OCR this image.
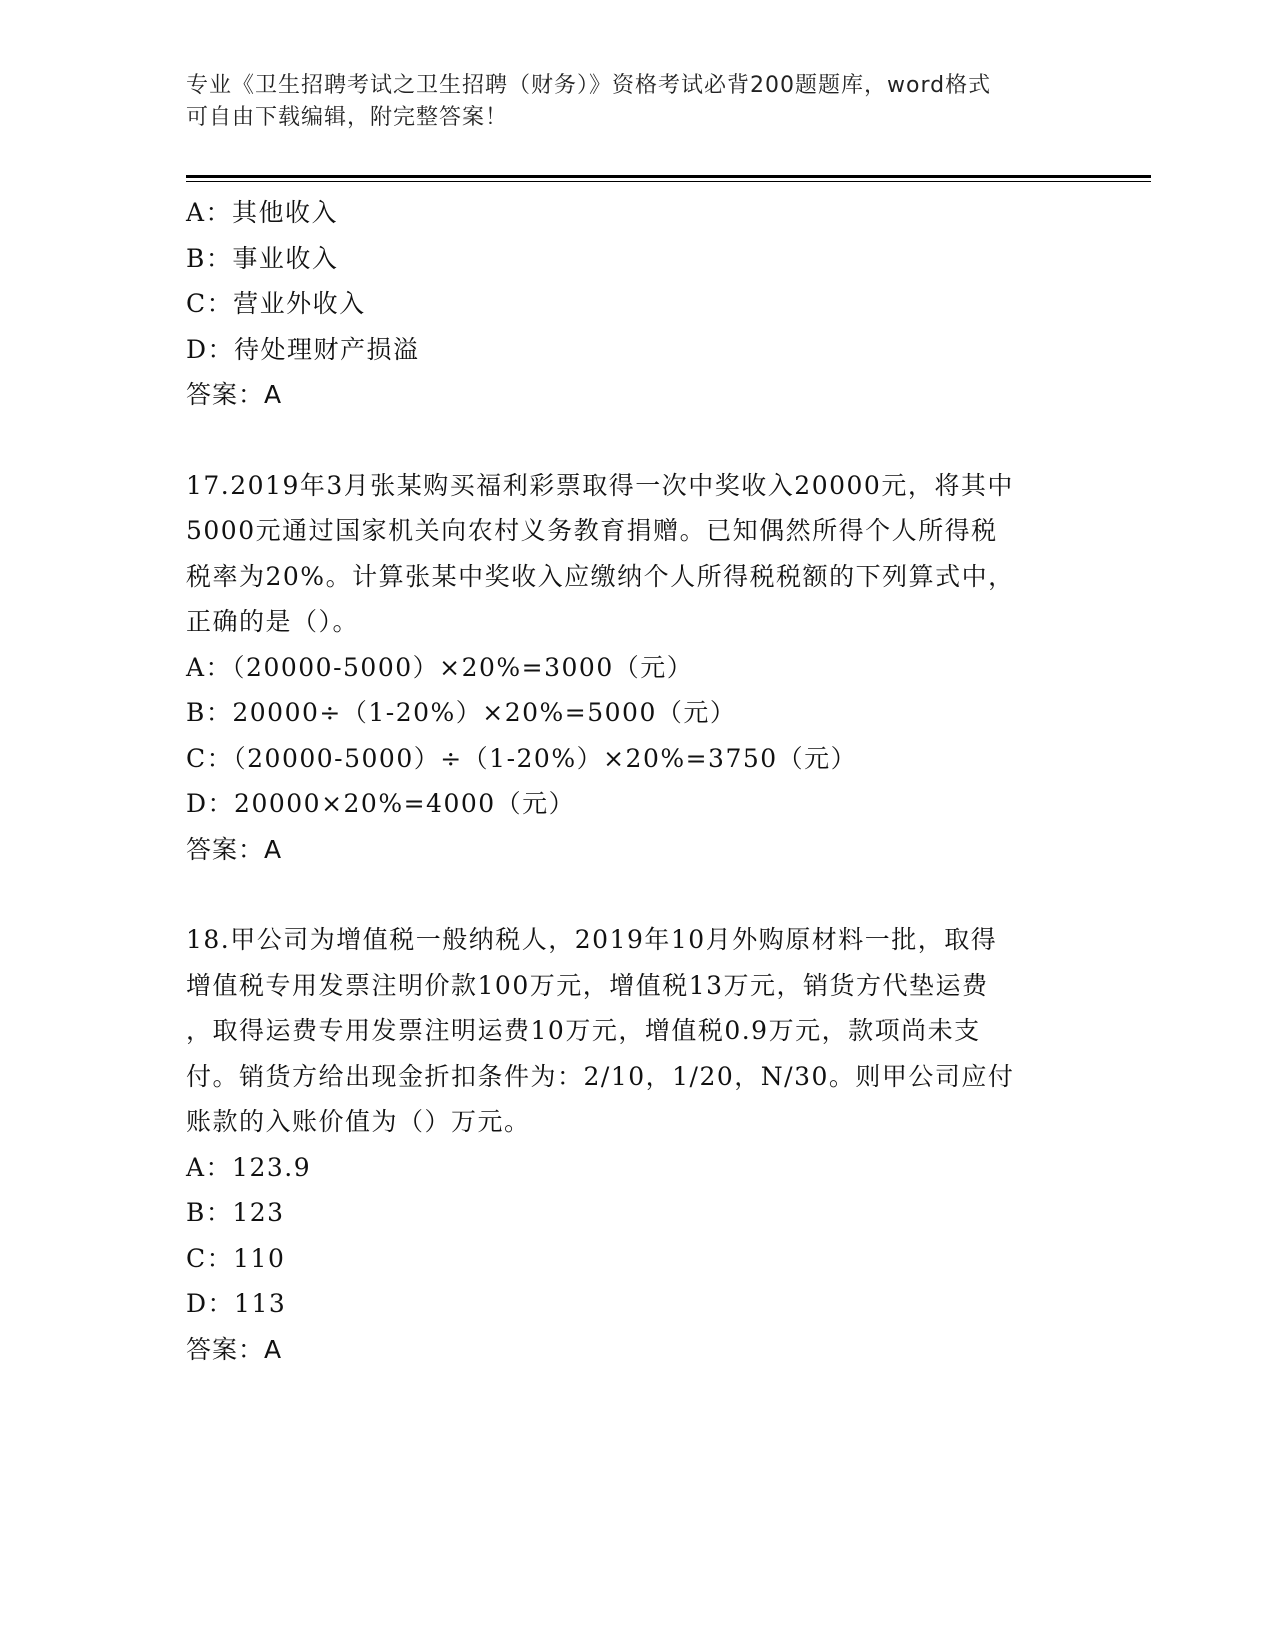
专业《卫生招聘考试之卫生招聘（财务）》资格考试必背200题题库，word格式
可自由下载编辑，附完整答案！
A：其他收入
B：事业收入
C：营业外收入
D：待处理财产损溢
答案：A
17.2019年3月张某购买福利彩票取得一次中奖收入20000元，将其中
5000元通过国家机关向农村义务教育捐赠。已知偶然所得个人所得税
税率为20%。计算张某中奖收入应缴纳个人所得税税额的下列算式中，
正确的是（）。
A：（20000-5000）×20%=3000（元）
B：20000÷（1-20%）×20%=5000（元）
C：（20000-5000）÷（1-20%）×20%=3750（元）
D：20000×20%=4000（元）
答案：A
18.甲公司为增值税一般纳税人，2019年10月外购原材料一批，取得
增值税专用发票注明价款100万元，增值税13万元，销货方代垫运费
，取得运费专用发票注明运费10万元，增值税0.9万元，款项尚未支
付。销货方给出现金折扣条件为：2/10，1/20，N/30。则甲公司应付
账款的入账价值为（）万元。
A：123.9
B：123
C：110
D：113
答案：A
